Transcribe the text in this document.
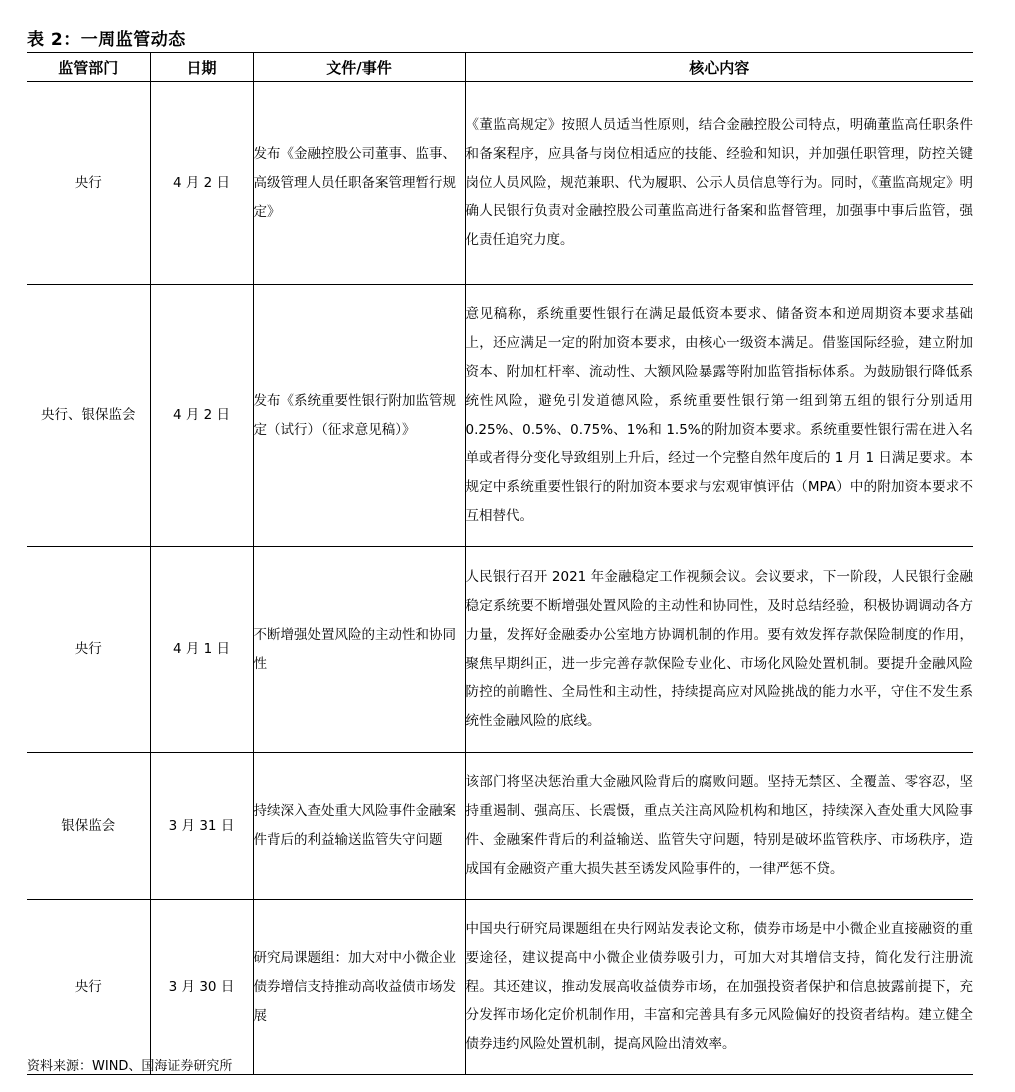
表 2：一周监管动态
监管部门	日期	文件/事件	核心内容
央行	4 月 2 日	发布《金融控股公司董事、监事、高级管理人员任职备案管理暂行规定》	《董监高规定》按照人员适当性原则，结合金融控股公司特点，明确董监高任职条件和备案程序，应具备与岗位相适应的技能、经验和知识，并加强任职管理，防控关键岗位人员风险，规范兼职、代为履职、公示人员信息等行为。同时，《董监高规定》明确人民银行负责对金融控股公司董监高进行备案和监督管理，加强事中事后监管，强化责任追究力度。
央行、银保监会	4 月 2 日	发布《系统重要性银行附加监管规定（试行）（征求意见稿）》	意见稿称，系统重要性银行在满足最低资本要求、储备资本和逆周期资本要求基础上，还应满足一定的附加资本要求，由核心一级资本满足。借鉴国际经验，建立附加资本、附加杠杆率、流动性、大额风险暴露等附加监管指标体系。为鼓励银行降低系统性风险，避免引发道德风险，系统重要性银行第一组到第五组的银行分别适用 0.25%、0.5%、0.75%、1%和 1.5%的附加资本要求。系统重要性银行需在进入名单或者得分变化导致组别上升后，经过一个完整自然年度后的 1 月 1 日满足要求。本规定中系统重要性银行的附加资本要求与宏观审慎评估（MPA）中的附加资本要求不互相替代。
央行	4 月 1 日	不断增强处置风险的主动性和协同性	人民银行召开 2021 年金融稳定工作视频会议。会议要求，下一阶段，人民银行金融稳定系统要不断增强处置风险的主动性和协同性，及时总结经验，积极协调调动各方力量，发挥好金融委办公室地方协调机制的作用。要有效发挥存款保险制度的作用，聚焦早期纠正，进一步完善存款保险专业化、市场化风险处置机制。要提升金融风险防控的前瞻性、全局性和主动性，持续提高应对风险挑战的能力水平，守住不发生系统性金融风险的底线。
银保监会	3 月 31 日	持续深入查处重大风险事件金融案件背后的利益输送监管失守问题	该部门将坚决惩治重大金融风险背后的腐败问题。坚持无禁区、全覆盖、零容忍，坚持重遏制、强高压、长震慑，重点关注高风险机构和地区，持续深入查处重大风险事件、金融案件背后的利益输送、监管失守问题，特别是破坏监管秩序、市场秩序，造成国有金融资产重大损失甚至诱发风险事件的，一律严惩不贷。
央行	3 月 30 日	研究局课题组：加大对中小微企业债券增信支持推动高收益债市场发展	中国央行研究局课题组在央行网站发表论文称，债券市场是中小微企业直接融资的重要途径，建议提高中小微企业债券吸引力，可加大对其增信支持，简化发行注册流程。其还建议，推动发展高收益债券市场，在加强投资者保护和信息披露前提下，充分发挥市场化定价机制作用，丰富和完善具有多元风险偏好的投资者结构。建立健全债券违约风险处置机制，提高风险出清效率。
资料来源：WIND、国海证券研究所
